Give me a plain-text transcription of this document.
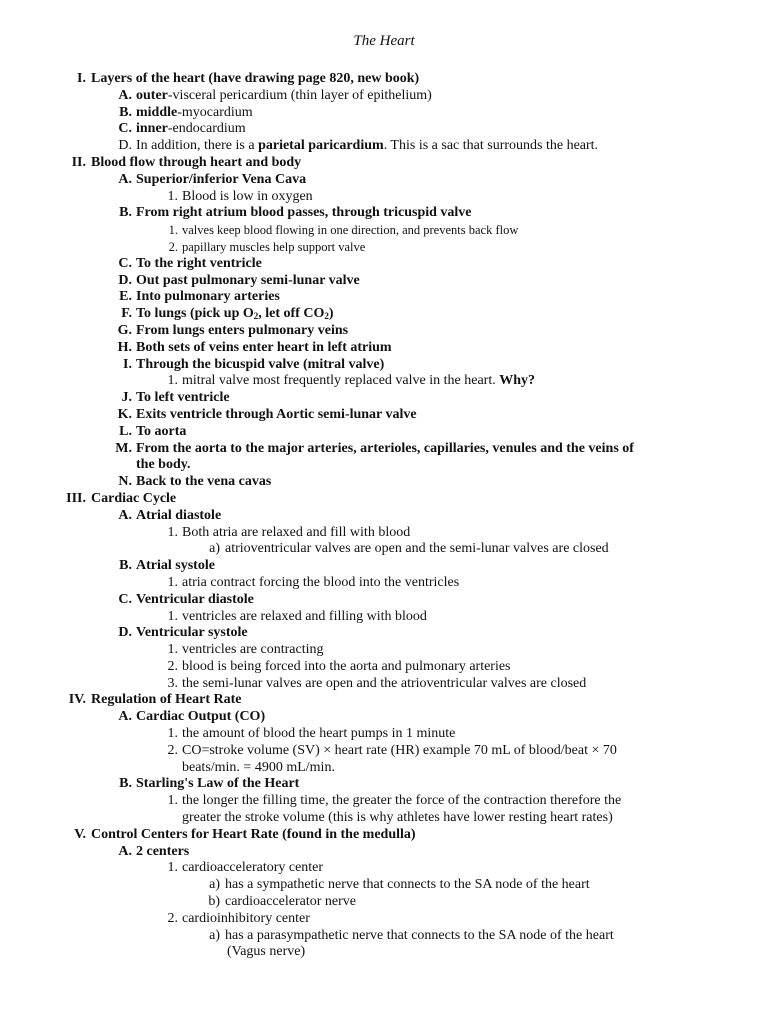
The Heart
I. Layers of the heart (have drawing page 820, new book)
A. outer-visceral pericardium (thin layer of epithelium)
B. middle-myocardium
C. inner-endocardium
D. In addition, there is a parietal paricardium. This is a sac that surrounds the heart.
II. Blood flow through heart and body
A. Superior/inferior Vena Cava
1. Blood is low in oxygen
B. From right atrium blood passes, through tricuspid valve
1. valves keep blood flowing in one direction, and prevents back flow
2. papillary muscles help support valve
C. To the right ventricle
D. Out past pulmonary semi-lunar valve
E. Into pulmonary arteries
F. To lungs (pick up $O_2$, let off $CO_2$)
G. From lungs enters pulmonary veins
H. Both sets of veins enter heart in left atrium
I. Through the bicuspid valve (mitral valve)
1. mitral valve most frequently replaced valve in the heart. Why?
J. To left ventricle
K. Exits ventricle through Aortic semi-lunar valve
L. To aorta
M. From the aorta to the major arteries, arterioles, capillaries, venules and the veins of
the body.
N. Back to the vena cavas
III. Cardiac Cycle
A. Atrial diastole
1. Both atria are relaxed and fill with blood
a) atrioventricular valves are open and the semi-lunar valves are closed
B. Atrial systole
1. atria contract forcing the blood into the ventricles
C. Ventricular diastole
1. ventricles are relaxed and filling with blood
D. Ventricular systole
1. ventricles are contracting
2. blood is being forced into the aorta and pulmonary arteries
3. the semi-lunar valves are open and the atrioventricular valves are closed
IV. Regulation of Heart Rate
A. Cardiac Output (CO)
1. the amount of blood the heart pumps in 1 minute
2. CO=stroke volume (SV) × heart rate (HR) example 70 mL of blood/beat × 70
beats/min. = 4900 mL/min.
B. Starling's Law of the Heart
1. the longer the filling time, the greater the force of the contraction therefore the
greater the stroke volume (this is why athletes have lower resting heart rates)
V. Control Centers for Heart Rate (found in the medulla)
A. 2 centers
1. cardioacceleratory center
a) has a sympathetic nerve that connects to the SA node of the heart
b) cardioaccelerator nerve
2. cardioinhibitory center
a) has a parasympathetic nerve that connects to the SA node of the heart
(Vagus nerve)
